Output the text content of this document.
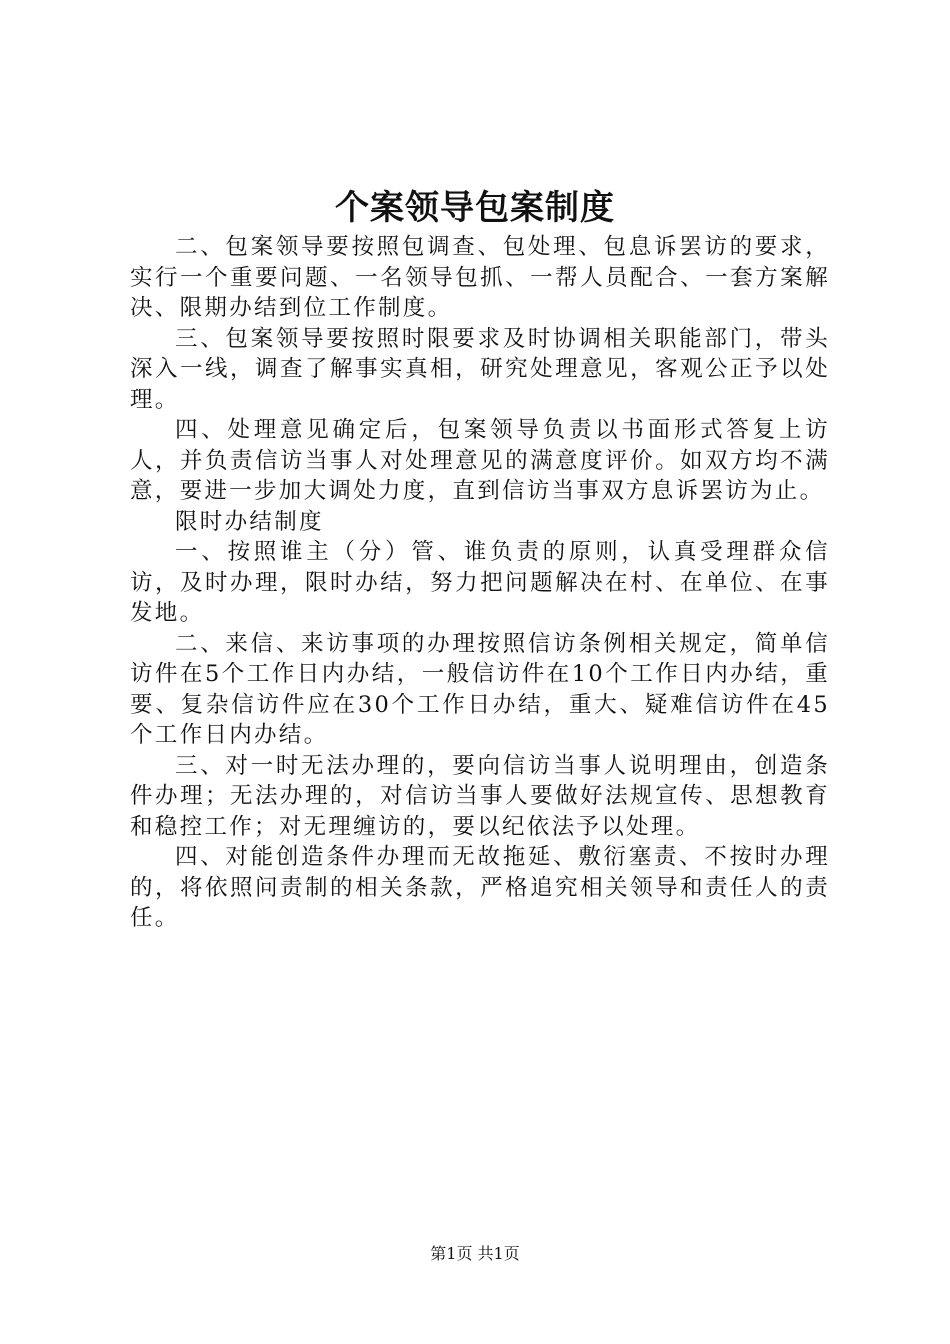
个案领导包案制度

二、包案领导要按照包调查、包处理、包息诉罢访的要求，实行一个重要问题、一名领导包抓、一帮人员配合、一套方案解决、限期办结到位工作制度。

三、包案领导要按照时限要求及时协调相关职能部门，带头深入一线，调查了解事实真相，研究处理意见，客观公正予以处理。

四、处理意见确定后，包案领导负责以书面形式答复上访人，并负责信访当事人对处理意见的满意度评价。如双方均不满意，要进一步加大调处力度，直到信访当事双方息诉罢访为止。

限时办结制度

一、按照谁主（分）管、谁负责的原则，认真受理群众信访，及时办理，限时办结，努力把问题解决在村、在单位、在事发地。

二、来信、来访事项的办理按照信访条例相关规定，简单信访件在5个工作日内办结，一般信访件在10个工作日内办结，重要、复杂信访件应在30个工作日办结，重大、疑难信访件在45个工作日内办结。

三、对一时无法办理的，要向信访当事人说明理由，创造条件办理；无法办理的，对信访当事人要做好法规宣传、思想教育和稳控工作；对无理缠访的，要以纪依法予以处理。

四、对能创造条件办理而无故拖延、敷衍塞责、不按时办理的，将依照问责制的相关条款，严格追究相关领导和责任人的责任。

第1页 共1页
